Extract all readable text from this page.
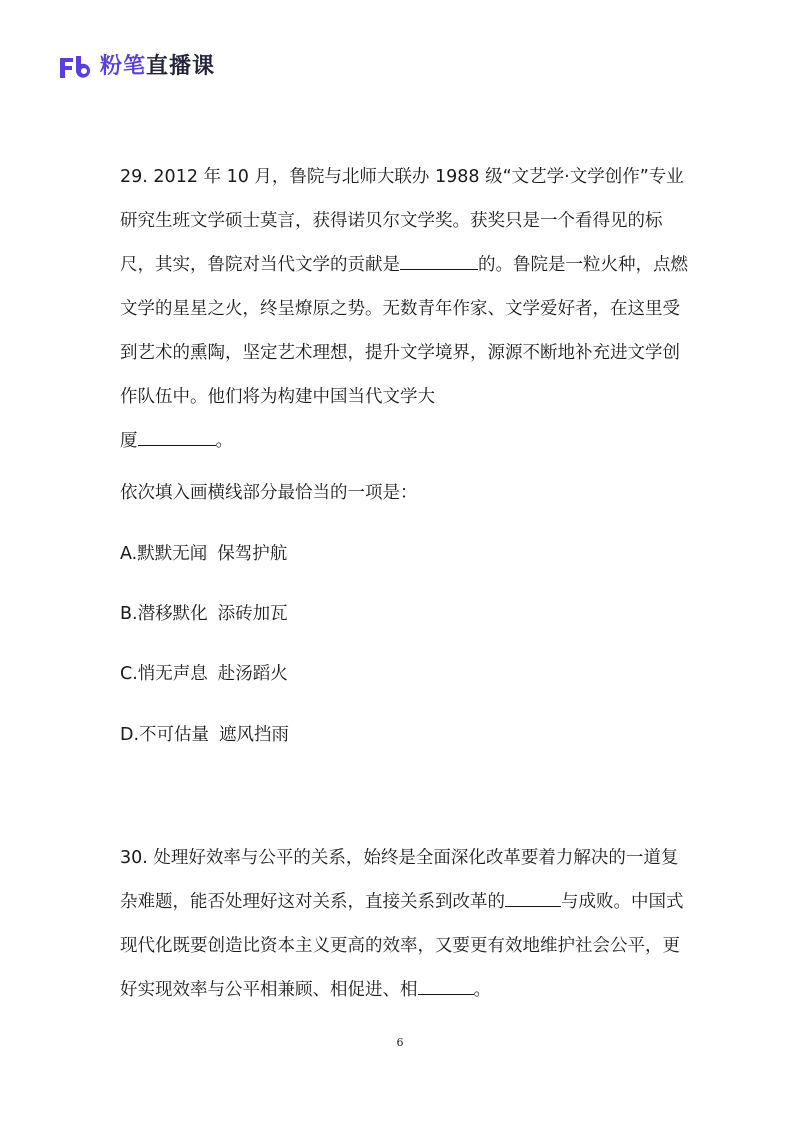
粉笔直播课

29. 2012 年 10 月，鲁院与北师大联办 1988 级“文艺学·文学创作”专业研究生班文学硕士莫言，获得诺贝尔文学奖。获奖只是一个看得见的标尺，其实，鲁院对当代文学的贡献是	的。鲁院是一粒火种，点燃文学的星星之火，终呈燎原之势。无数青年作家、文学爱好者，在这里受到艺术的熏陶，坚定艺术理想，提升文学境界，源源不断地补充进文学创作队伍中。他们将为构建中国当代文学大
厦	。

依次填入画横线部分最恰当的一项是：
A.默默无闻 保驾护航
B.潜移默化 添砖加瓦
C.悄无声息 赴汤蹈火
D.不可估量 遮风挡雨

30. 处理好效率与公平的关系，始终是全面深化改革要着力解决的一道复杂难题，能否处理好这对关系，直接关系到改革的	与成败。中国式现代化既要创造比资本主义更高的效率，又要更有效地维护社会公平，更好实现效率与公平相兼顾、相促进、相	。

6
